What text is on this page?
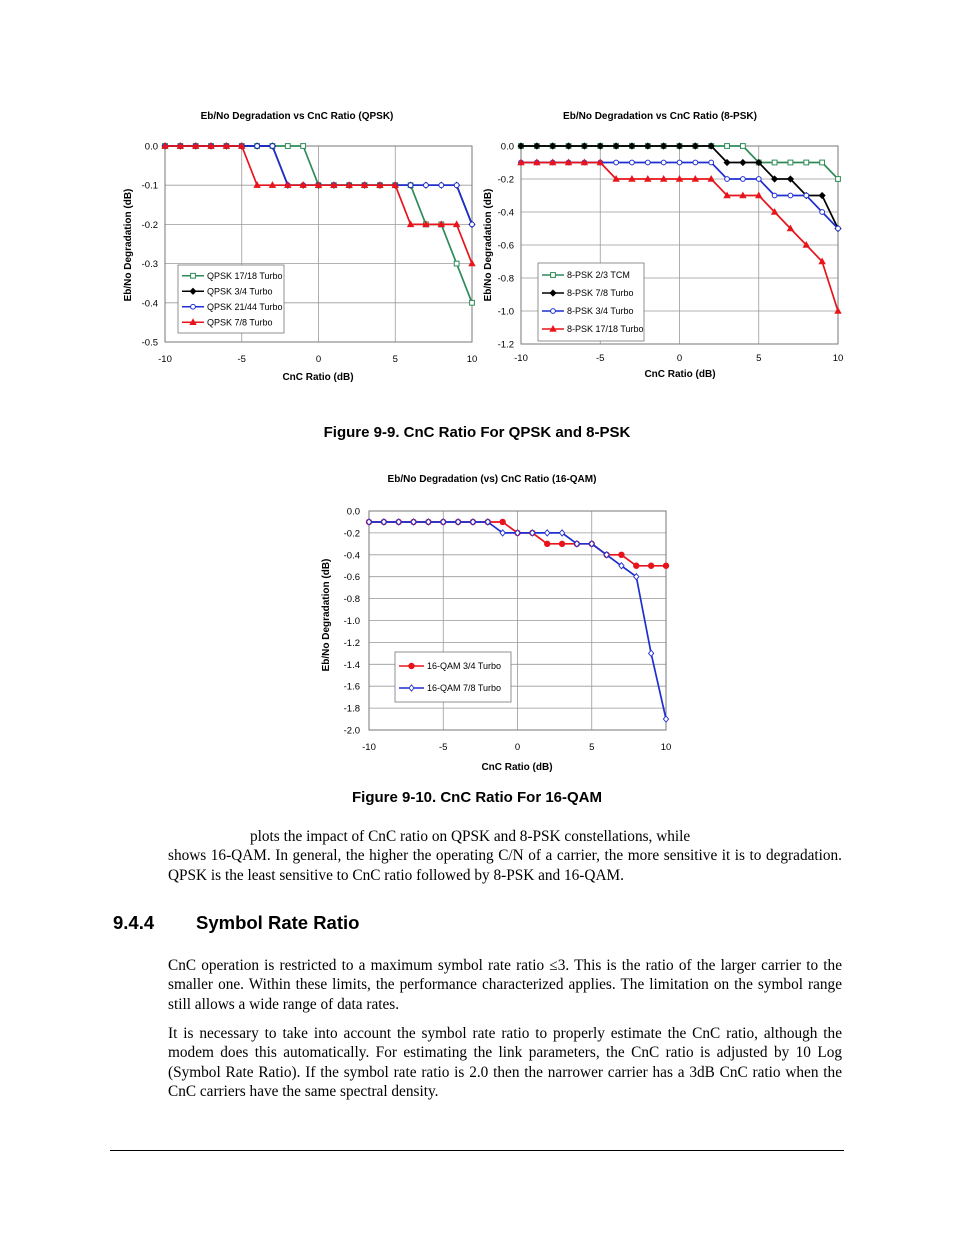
Eb/No Degradation vs CnC Ratio (QPSK)
CnC Ratio (dB)
Eb/No Degradation (dB)
-10	-5	0	5	10
0.0
-0.1
-0.2
-0.3
-0.4
-0.5
QPSK 17/18 Turbo
QPSK 3/4 Turbo
QPSK 21/44 Turbo
QPSK 7/8 Turbo
Eb/No Degradation vs CnC Ratio (8-PSK)
CnC Ratio (dB)
Eb/No Degradation (dB)
-10	-5	0	5	10
0.0
-0.2
-0.4
-0.6
-0.8
-1.0
-1.2
8-PSK 2/3 TCM
8-PSK 7/8 Turbo
8-PSK 3/4 Turbo
8-PSK 17/18 Turbo
Figure 9-9. CnC Ratio For QPSK and 8-PSK
Eb/No Degradation (vs) CnC Ratio (16-QAM)
CnC Ratio (dB)
Eb/No Degradation (dB)
-10	-5	0	5	10
0.0
-0.2
-0.4
-0.6
-0.8
-1.0
-1.2
-1.4
-1.6
-1.8
-2.0
16-QAM 3/4 Turbo
16-QAM 7/8 Turbo
Figure 9-10. CnC Ratio For 16-QAM

plots the impact of CnC ratio on QPSK and 8-PSK constellations, while
shows 16-QAM. In general, the higher the operating C/N of a carrier, the more sensitive it is to degradation. QPSK is the least sensitive to CnC ratio followed by 8-PSK and 16-QAM.

9.4.4 Symbol Rate Ratio

CnC operation is restricted to a maximum symbol rate ratio ≤3. This is the ratio of the larger carrier to the smaller one. Within these limits, the performance characterized applies. The limitation on the symbol range still allows a wide range of data rates.

It is necessary to take into account the symbol rate ratio to properly estimate the CnC ratio, although the modem does this automatically. For estimating the link parameters, the CnC ratio is adjusted by 10 Log (Symbol Rate Ratio). If the symbol rate ratio is 2.0 then the narrower carrier has a 3dB CnC ratio when the CnC carriers have the same spectral density.
